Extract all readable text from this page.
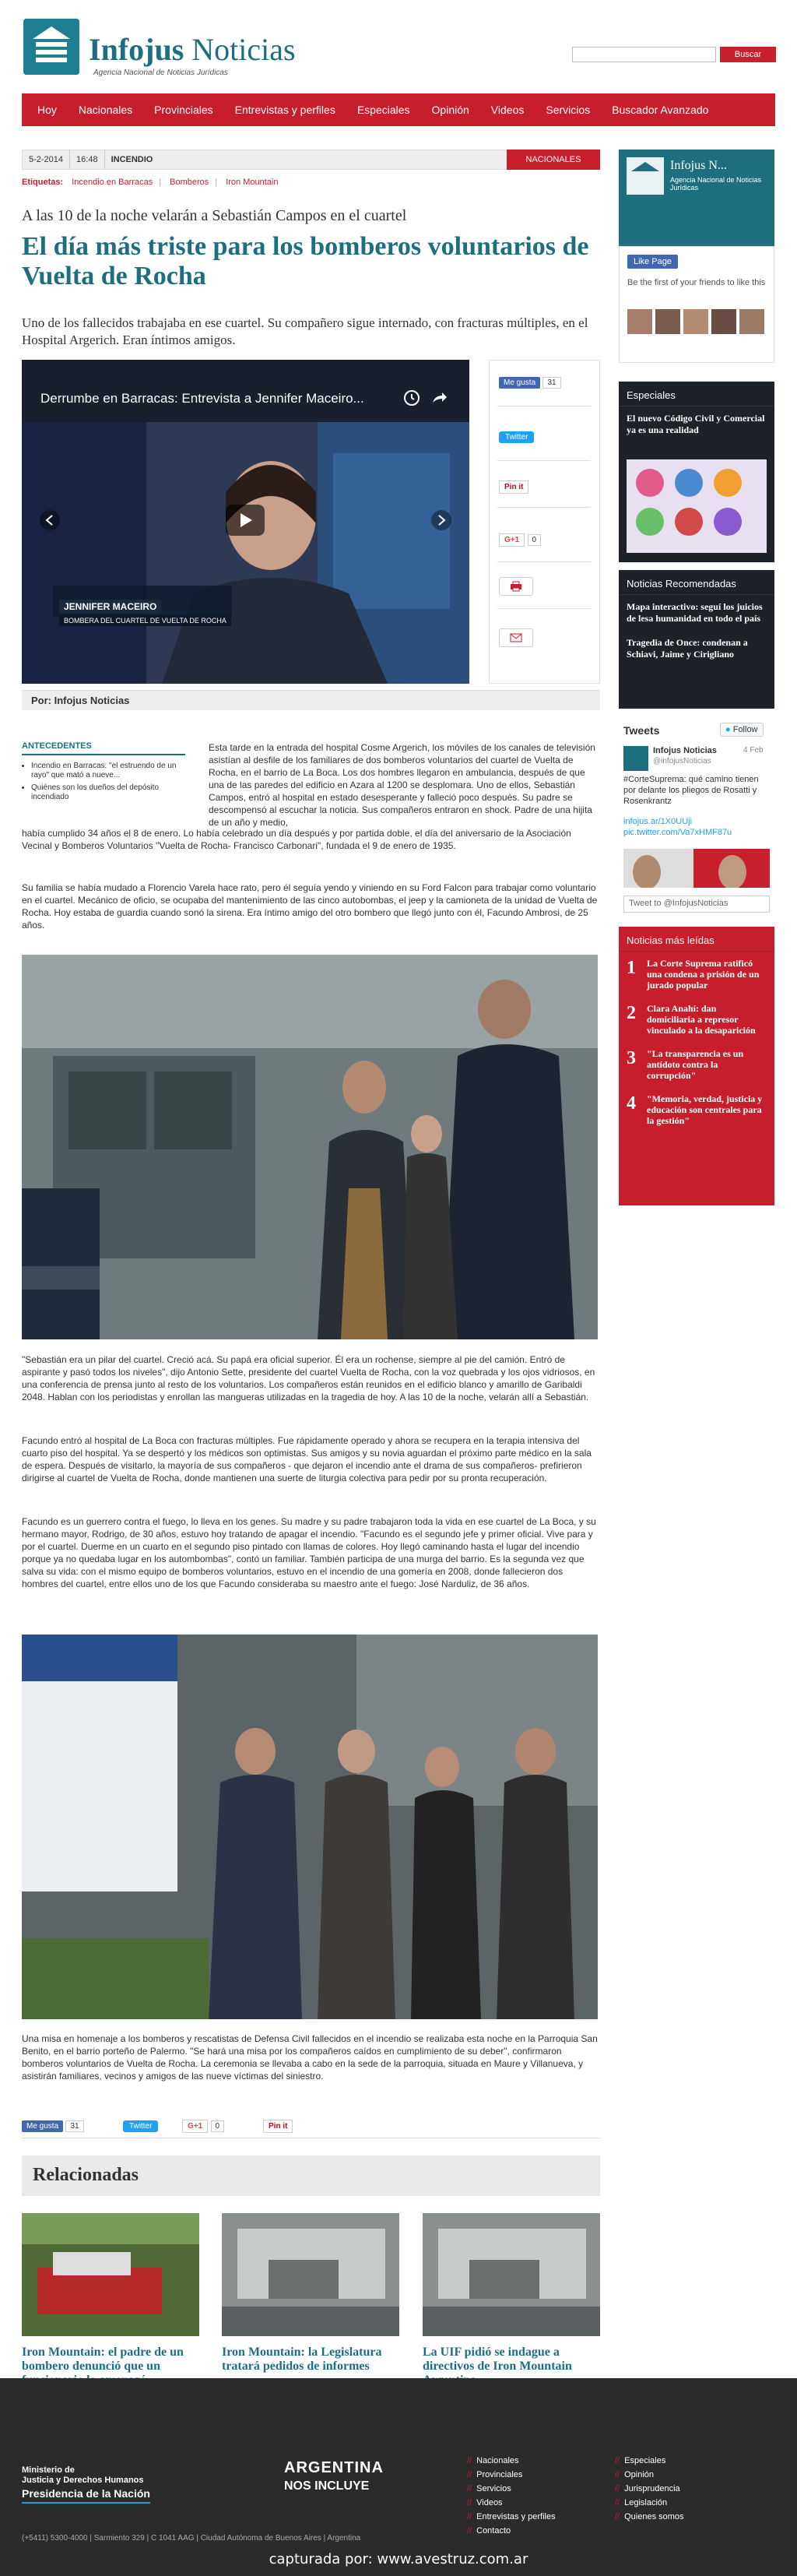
Infojus Noticias
Agencia Nacional de Noticias Jurídicas
Buscar
Hoy	Nacionales	Provinciales	Entrevistas y perfiles	Especiales	Opinión	Videos	Servicios	Buscador Avanzado
5-2-2014 16:48 INCENDIO	NACIONALES
Etiquetas: Incendio en Barracas | Bomberos | Iron Mountain
A las 10 de la noche velarán a Sebastián Campos en el cuartel
El día más triste para los bomberos voluntarios de Vuelta de Rocha
Uno de los fallecidos trabajaba en ese cuartel. Su compañero sigue internado, con fracturas múltiples, en el Hospital Argerich. Eran íntimos amigos.
Derrumbe en Barracas: Entrevista a Jennifer Maceiro...
JENNIFER MACEIRO
BOMBERA DEL CUARTEL DE VUELTA DE ROCHA
Me gusta 31
Twitter
Pin it
G+1 0
Por: Infojus Noticias
ANTECEDENTES
• Incendio en Barracas: "el estruendo de un rayo" que mató a nueve...
• Quiénes son los dueños del depósito incendiado

Esta tarde en la entrada del hospital Cosme Argerich, los móviles de los canales de televisión asistían al desfile de los familiares de dos bomberos voluntarios del cuartel de Vuelta de Rocha, en el barrio de La Boca. Los dos hombres llegaron en ambulancia, después de que una de las paredes del edificio en Azara al 1200 se desplomara. Uno de ellos, Sebastián Campos, entró al hospital en estado desesperante y falleció poco después. Su padre se descompensó al escuchar la noticia. Sus compañeros entraron en shock. Padre de una hijita de un año y medio,

había cumplido 34 años el 8 de enero. Lo había celebrado un día después y por partida doble, el día del aniversario de la Asociación Vecinal y Bomberos Voluntarios "Vuelta de Rocha- Francisco Carbonari", fundada el 9 de enero de 1935.

Su familia se había mudado a Florencio Varela hace rato, pero él seguía yendo y viniendo en su Ford Falcon para trabajar como voluntario en el cuartel. Mecánico de oficio, se ocupaba del mantenimiento de las cinco autobombas, el jeep y la camioneta de la unidad de Vuelta de Rocha. Hoy estaba de guardia cuando sonó la sirena. Era íntimo amigo del otro bombero que llegó junto con él, Facundo Ambrosi, de 25 años.

"Sebastián era un pilar del cuartel. Creció acá. Su papá era oficial superior. Él era un rochense, siempre al pie del camión. Entró de aspirante y pasó todos los niveles", dijo Antonio Sette, presidente del cuartel Vuelta de Rocha, con la voz quebrada y los ojos vidriosos, en una conferencia de prensa junto al resto de los voluntarios. Los compañeros están reunidos en el edificio blanco y amarillo de Garibaldi 2048. Hablan con los periodistas y enrollan las mangueras utilizadas en la tragedia de hoy. A las 10 de la noche, velarán allí a Sebastián.

Facundo entró al hospital de La Boca con fracturas múltiples. Fue rápidamente operado y ahora se recupera en la terapia intensiva del cuarto piso del hospital. Ya se despertó y los médicos son optimistas. Sus amigos y su novia aguardan el próximo parte médico en la sala de espera. Después de visitarlo, la mayoría de sus compañeros - que dejaron el incendio ante el drama de sus compañeros- prefirieron dirigirse al cuartel de Vuelta de Rocha, donde mantienen una suerte de liturgia colectiva para pedir por su pronta recuperación.

Facundo es un guerrero contra el fuego, lo lleva en los genes. Su madre y su padre trabajaron toda la vida en ese cuartel de La Boca, y su hermano mayor, Rodrigo, de 30 años, estuvo hoy tratando de apagar el incendio. "Facundo es el segundo jefe y primer oficial. Vive para y por el cuartel. Duerme en un cuarto en el segundo piso pintado con llamas de colores. Hoy llegó caminando hasta el lugar del incendio porque ya no quedaba lugar en los autombombas", contó un familiar. También participa de una murga del barrio. Es la segunda vez que salva su vida: con el mismo equipo de bomberos voluntarios, estuvo en el incendio de una gomería en 2008, donde fallecieron dos hombres del cuartel, entre ellos uno de los que Facundo consideraba su maestro ante el fuego: José Narduliz, de 36 años.

Una misa en homenaje a los bomberos y rescatistas de Defensa Civil fallecidos en el incendio se realizaba esta noche en la Parroquia San Benito, en el barrio porteño de Palermo. "Se hará una misa por los compañeros caídos en cumplimiento de su deber", confirmaron bomberos voluntarios de Vuelta de Rocha. La ceremonia se llevaba a cabo en la sede de la parroquia, situada en Maure y Villanueva, y asistirán familiares, vecinos y amigos de las nueve víctimas del siniestro.

Me gusta 31	Twitter	G+1 0	Pin it
Relacionadas
Iron Mountain: el padre de un bombero denunció que un
Iron Mountain: la Legislatura tratará pedidos de informes
La UIF pidió se indague a directivos de Iron Mountain
Infojus N...
Agencia Nacional de Noticias Jurídicas
Like Page
Be the first of your friends to like this
Especiales
El nuevo Código Civil y Comercial ya es una realidad
Noticias Recomendadas
Mapa interactivo: seguí los juicios de lesa humanidad en todo el país
Tragedia de Once: condenan a Schiavi, Jaime y Cirigliano
Tweets	● Follow
Infojus Noticias	4 Feb
@infojusNoticias
#CorteSuprema: qué camino tienen por delante los pliegos de Rosatti y Rosenkrantz
infojus.ar/1X0UUji pic.twitter.com/Va7xHMF87u
Tweet to @InfojusNoticias
Noticias más leídas
1	La Corte Suprema ratificó una condena a prisión de un jurado popular
2	Clara Anahí: dan domiciliaria a represor vinculado a la desaparición
3	"La transparencia es un antídoto contra la corrupción"
4	"Memoria, verdad, justicia y educación son centrales para la gestión"
Ministerio de
Justicia y Derechos Humanos
Presidencia de la Nación
(+5411) 5300-4000 | Sarmiento 329 | C 1041 AAG | Ciudad Autónoma de Buenos Aires | Argentina
ARGENTINA
NOS INCLUYE
// Nacionales
// Provinciales
// Servicios
// Videos
// Entrevistas y perfiles
// Contacto
// Especiales
// Opinión
// Jurisprudencia
// Legislación
// Quienes somos
capturada por: www.avestruz.com.ar
